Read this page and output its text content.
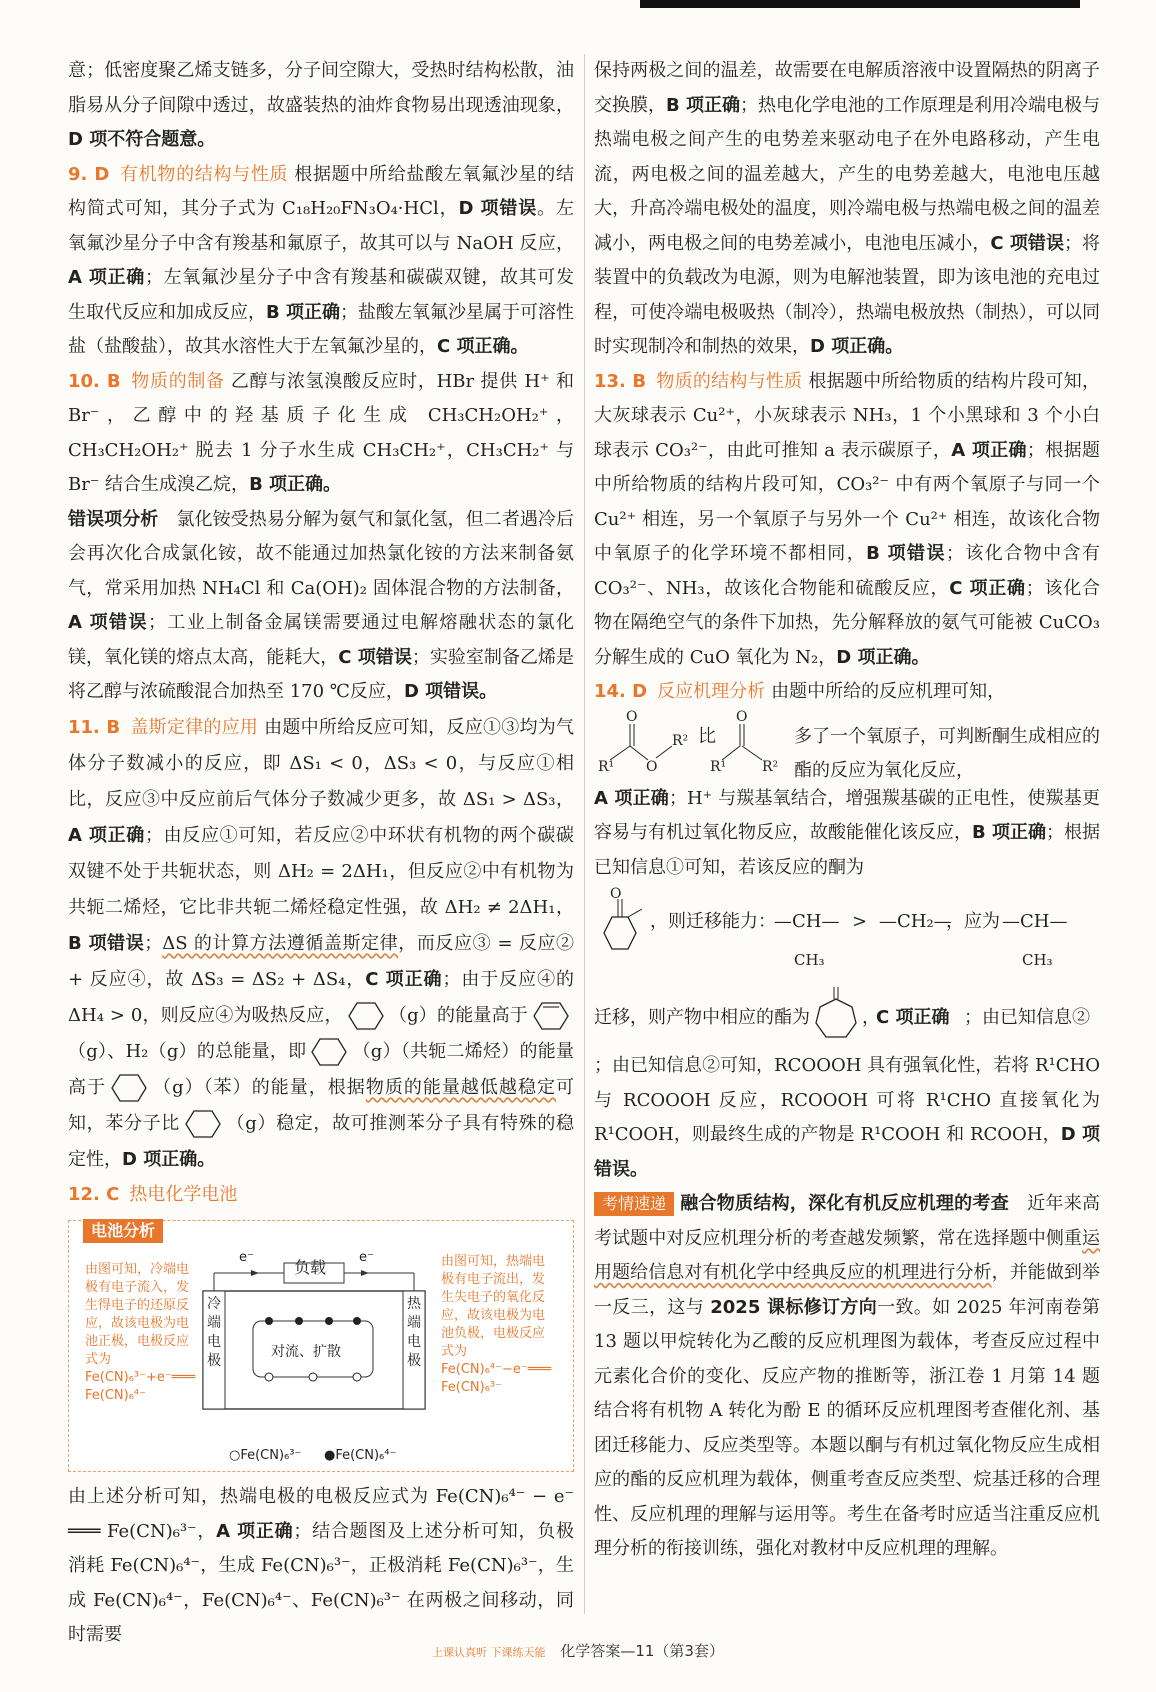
意；低密度聚乙烯支链多，分子间空隙大，受热时结构松散，油脂易从分子间隙中透过，故盛装热的油炸食物易出现透油现象，D 项不符合题意。

9. D 有机物的结构与性质 根据题中所给盐酸左氧氟沙星的结构简式可知，其分子式为 C₁₈H₂₀FN₃O₄·HCl，D 项错误。左氧氟沙星分子中含有羧基和氟原子，故其可以与 NaOH 反应，A 项正确；左氧氟沙星分子中含有羧基和碳碳双键，故其可发生取代反应和加成反应，B 项正确；盐酸左氧氟沙星属于可溶性盐（盐酸盐），故其水溶性大于左氧氟沙星的，C 项正确。

10. B 物质的制备 乙醇与浓氢溴酸反应时，HBr 提供 H⁺ 和 Br⁻，乙醇中的羟基质子化生成 CH₃CH₂OH₂⁺，CH₃CH₂OH₂⁺ 脱去 1 分子水生成 CH₃CH₂⁺，CH₃CH₂⁺ 与 Br⁻ 结合生成溴乙烷，B 项正确。

错误项分析　 氯化铵受热易分解为氨气和氯化氢，但二者遇冷后会再次化合成氯化铵，故不能通过加热氯化铵的方法来制备氨气，常采用加热 NH₄Cl 和 Ca(OH)₂ 固体混合物的方法制备，A 项错误；工业上制备金属镁需要通过电解熔融状态的氯化镁，氧化镁的熔点太高，能耗大，C 项错误；实验室制备乙烯是将乙醇与浓硫酸混合加热至 170 ℃反应，D 项错误。

11. B 盖斯定律的应用 由题中所给反应可知，反应①③均为气体分子数减小的反应，即 ΔS₁ < 0，ΔS₃ < 0，与反应①相比，反应③中反应前后气体分子数减少更多，故 ΔS₁ > ΔS₃，A 项正确；由反应①可知，若反应②中环状有机物的两个碳碳双键不处于共轭状态，则 ΔH₂ = 2ΔH₁，但反应②中有机物为共轭二烯烃，它比非共轭二烯烃稳定性强，故 ΔH₂ ≠ 2ΔH₁，B 项错误；ΔS 的计算方法遵循盖斯定律，而反应③ = 反应② + 反应④，故 ΔS₃ = ΔS₂ + ΔS₄，C 项正确；由于反应④的 ΔH₄ > 0，则反应④为吸热反应，	（g）的能量高于（g）、H₂（g）的总能量，即	（g）（共轭二烯烃）的能量高于	（g）（苯）的能量，根据物质的能量越低越稳定可知，苯分子比	（g）稳定，故可推测苯分子具有特殊的稳定性，D 项正确。

12. C 热电化学电池

电池分析
由图可知，冷端电极有电子流入，发生得电子的还原反应，故该电极为电池正极，电极反应式为 Fe(CN)₆³⁻+e⁻═══ Fe(CN)₆⁴⁻
由图可知，热端电极有电子流出，发生失电子的氧化反应，故该电极为电池负极，电极反应式为 Fe(CN)₆⁴⁻−e⁻═══ Fe(CN)₆³⁻
负载
e⁻	e⁻
冷端电极
热端电极
对流、扩散
○Fe(CN)₆³⁻ ●Fe(CN)₆⁴⁻

由上述分析可知，热端电极的电极反应式为 Fe(CN)₆⁴⁻ − e⁻ ═══ Fe(CN)₆³⁻，A 项正确；结合题图及上述分析可知，负极消耗 Fe(CN)₆⁴⁻，生成 Fe(CN)₆³⁻，正极消耗 Fe(CN)₆³⁻，生成 Fe(CN)₆⁴⁻，Fe(CN)₆⁴⁻、Fe(CN)₆³⁻ 在两极之间移动，同时需要

保持两极之间的温差，故需要在电解质溶液中设置隔热的阴离子交换膜，B 项正确；热电化学电池的工作原理是利用冷端电极与热端电极之间产生的电势差来驱动电子在外电路移动，产生电流，两电极之间的温差越大，产生的电势差越大，电池电压越大，升高冷端电极处的温度，则冷端电极与热端电极之间的温差减小，两电极之间的电势差减小，电池电压减小，C 项错误；将装置中的负载改为电源，则为电解池装置，即为该电池的充电过程，可使冷端电极吸热（制冷），热端电极放热（制热），可以同时实现制冷和制热的效果，D 项正确。

13. B 物质的结构与性质 根据题中所给物质的结构片段可知，大灰球表示 Cu²⁺，小灰球表示 NH₃，1 个小黑球和 3 个小白球表示 CO₃²⁻，由此可推知 a 表示碳原子，A 项正确；根据题中所给物质的结构片段可知，CO₃²⁻ 中有两个氧原子与同一个 Cu²⁺ 相连，另一个氧原子与另外一个 Cu²⁺ 相连，故该化合物中氧原子的化学环境不都相同，B 项错误；该化合物中含有 CO₃²⁻、NH₃，故该化合物能和硫酸反应，C 项正确；该化合物在隔绝空气的条件下加热，先分解释放的氨气可能被 CuCO₃ 分解生成的 CuO 氧化为 N₂，D 项正确。

14. D 反应机理分析 由题中所给的反应机理可知，

O
R¹ O
R² 比
O
R¹	R²
多了一个氧原子，可判断酮生成相应的酯的反应为氧化反应，

A 项正确；H⁺ 与羰基氧结合，增强羰基碳的正电性，使羰基更容易与有机过氧化物反应，故酸能催化该反应，B 项正确；根据已知信息①可知，若该反应的酮为

O
，则迁移能力：
—CH—
CH₃
> —CH₂—
，应为 —CH—
CH₃
迁移，则产物中相应的酯为	，
C 项正确 ；由已知信息②

；由已知信息②可知，RCOOOH 具有强氧化性，若将 R¹CHO 与 RCOOOH 反应，RCOOOH 可将 R¹CHO 直接氧化为 R¹COOH，则最终生成的产物是 R¹COOH 和 RCOOH，D 项错误。

考情速递 融合物质结构，深化有机反应机理的考查　 近年来高考试题中对反应机理分析的考查越发频繁，常在选择题中侧重运用题给信息对有机化学中经典反应的机理进行分析，并能做到举一反三，这与 2025 课标修订方向一致。如 2025 年河南卷第 13 题以甲烷转化为乙酸的反应机理图为载体，考查反应过程中元素化合价的变化、反应产物的推断等，浙江卷 1 月第 14 题结合将有机物 A 转化为酚 E 的循环反应机理图考查催化剂、基团迁移能力、反应类型等。本题以酮与有机过氧化物反应生成相应的酯的反应机理为载体，侧重考查反应类型、烷基迁移的合理性、反应机理的理解与运用等。考生在备考时应适当注重反应机理分析的衔接训练，强化对教材中反应机理的理解。

上课认真听 下课练天能 化学答案—11（第3套）
